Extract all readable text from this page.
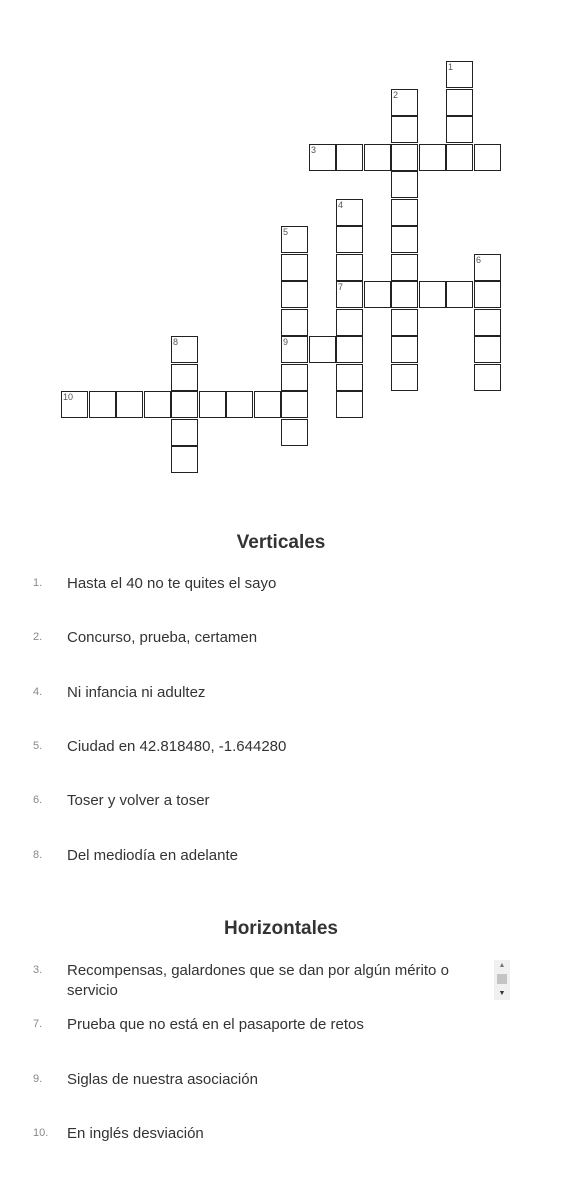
1
2
3
4
7
5
9
6
8
10
Verticales
1. Hasta el 40 no te quites el sayo
2. Concurso, prueba, certamen
4. Ni infancia ni adultez
5. Ciudad en 42.818480, -1.644280
6. Toser y volver a toser
8. Del mediodía en adelante
Horizontales
3. Recompensas, galardones que se dan por algún mérito o servicio
7. Prueba que no está en el pasaporte de retos
9. Siglas de nuestra asociación
10. En inglés desviación
▲
▼
